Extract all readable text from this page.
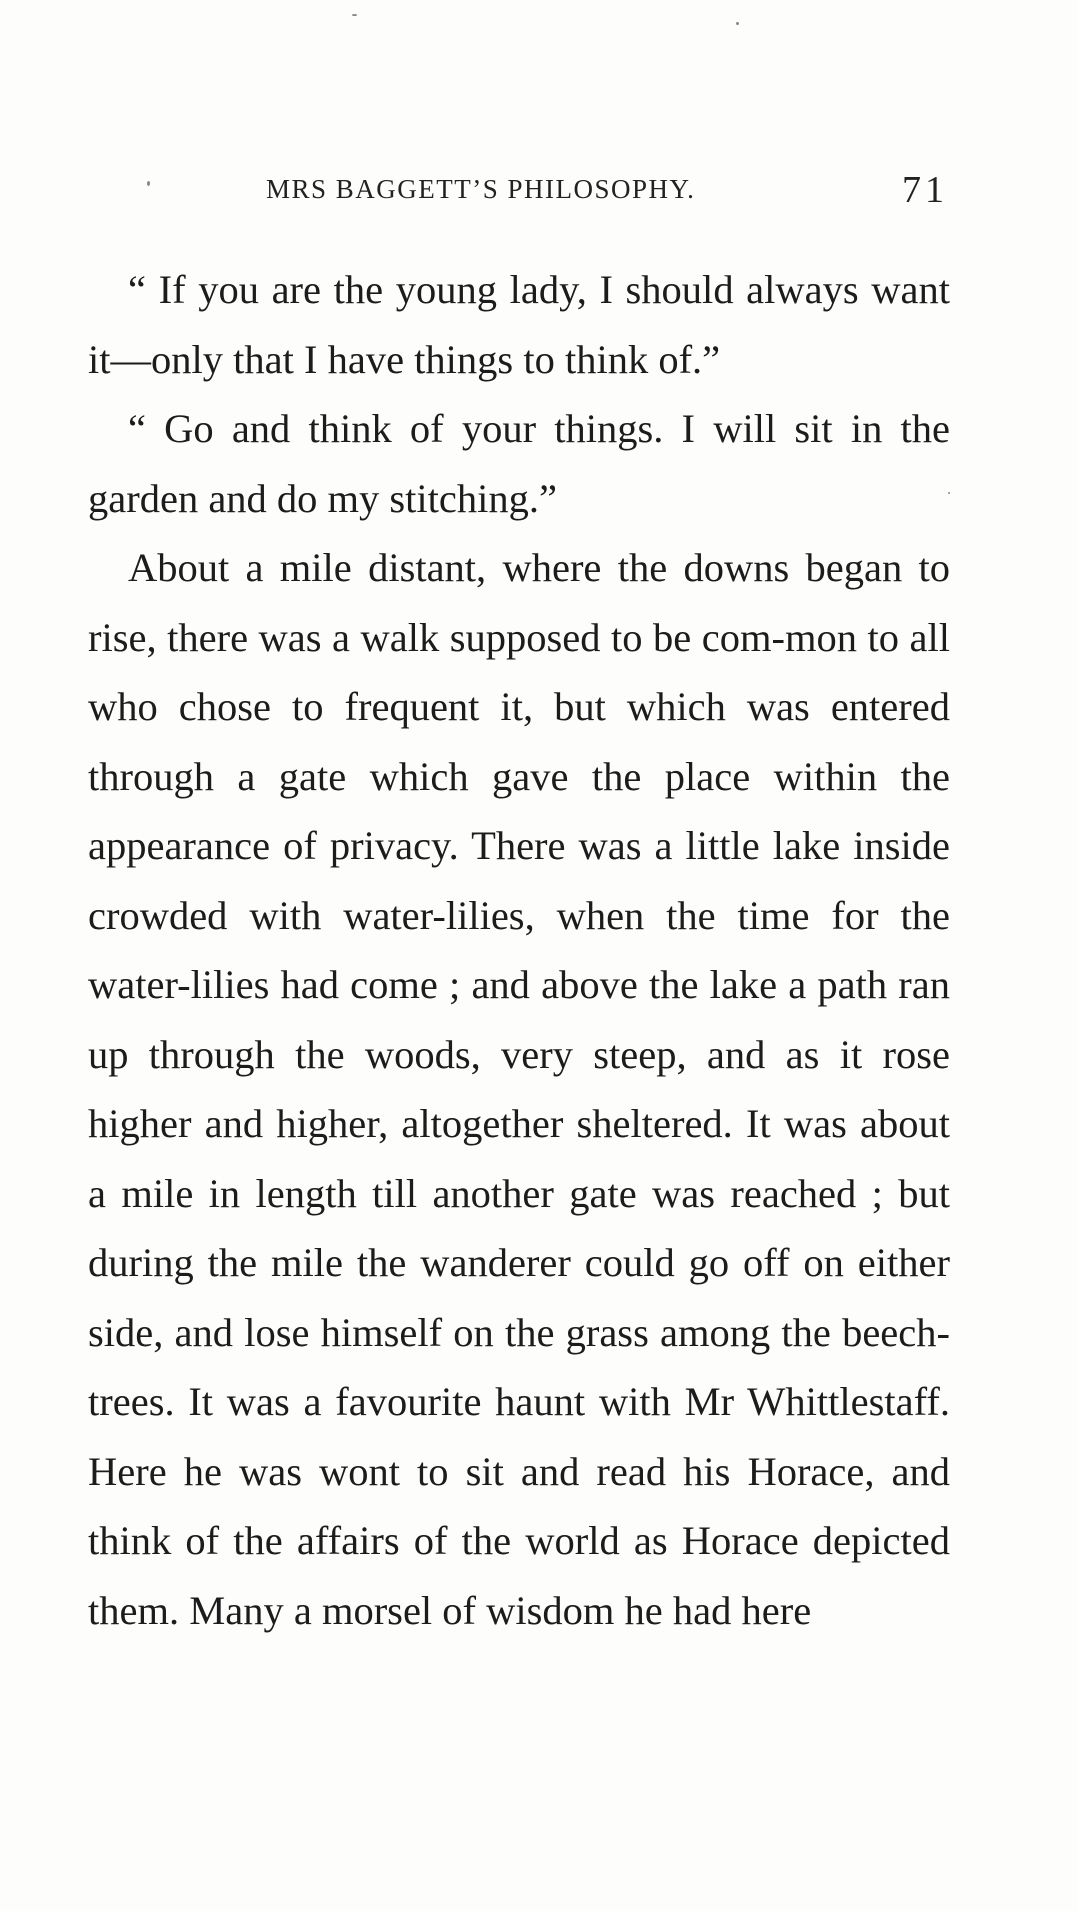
MRS BAGGETT’S PHILOSOPHY.	71

“ If you are the young lady, I should always want it—only that I have things to think of.”

“ Go and think of your things. I will sit in the garden and do my stitching.”

About a mile distant, where the downs began to rise, there was a walk supposed to be com-mon to all who chose to frequent it, but which was entered through a gate which gave the place within the appearance of privacy. There was a little lake inside crowded with water-lilies, when the time for the water-lilies had come ; and above the lake a path ran up through the woods, very steep, and as it rose higher and higher, altogether sheltered. It was about a mile in length till another gate was reached ; but during the mile the wanderer could go off on either side, and lose himself on the grass among the beech-trees. It was a favourite haunt with Mr Whittlestaff. Here he was wont to sit and read his Horace, and think of the affairs of the world as Horace depicted them. Many a morsel of wisdom he had here
